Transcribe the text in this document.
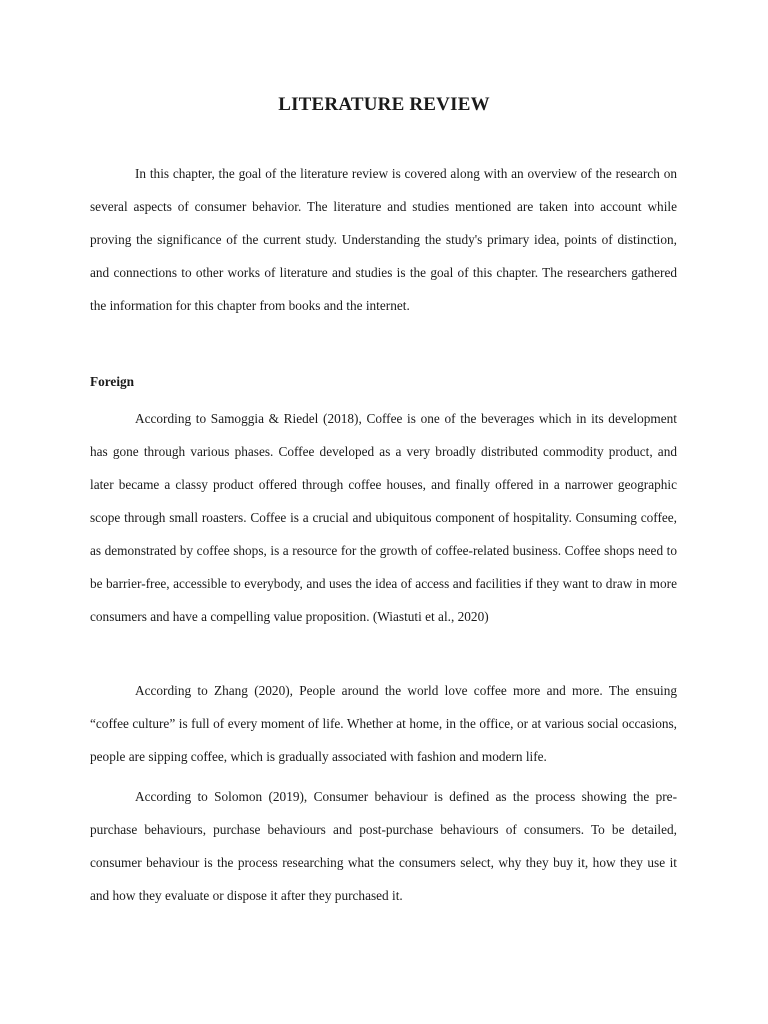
LITERATURE REVIEW

In this chapter, the goal of the literature review is covered along with an overview of the research on several aspects of consumer behavior. The literature and studies mentioned are taken into account while proving the significance of the current study. Understanding the study's primary idea, points of distinction, and connections to other works of literature and studies is the goal of this chapter. The researchers gathered the information for this chapter from books and the internet.

Foreign

According to Samoggia & Riedel (2018), Coffee is one of the beverages which in its development has gone through various phases. Coffee developed as a very broadly distributed commodity product, and later became a classy product offered through coffee houses, and finally offered in a narrower geographic scope through small roasters. Coffee is a crucial and ubiquitous component of hospitality. Consuming coffee, as demonstrated by coffee shops, is a resource for the growth of coffee-related business. Coffee shops need to be barrier-free, accessible to everybody, and uses the idea of access and facilities if they want to draw in more consumers and have a compelling value proposition. (Wiastuti et al., 2020)

According to Zhang (2020), People around the world love coffee more and more. The ensuing “coffee culture” is full of every moment of life. Whether at home, in the office, or at various social occasions, people are sipping coffee, which is gradually associated with fashion and modern life.

According to Solomon (2019), Consumer behaviour is defined as the process showing the pre-purchase behaviours, purchase behaviours and post-purchase behaviours of consumers. To be detailed, consumer behaviour is the process researching what the consumers select, why they buy it, how they use it and how they evaluate or dispose it after they purchased it.
